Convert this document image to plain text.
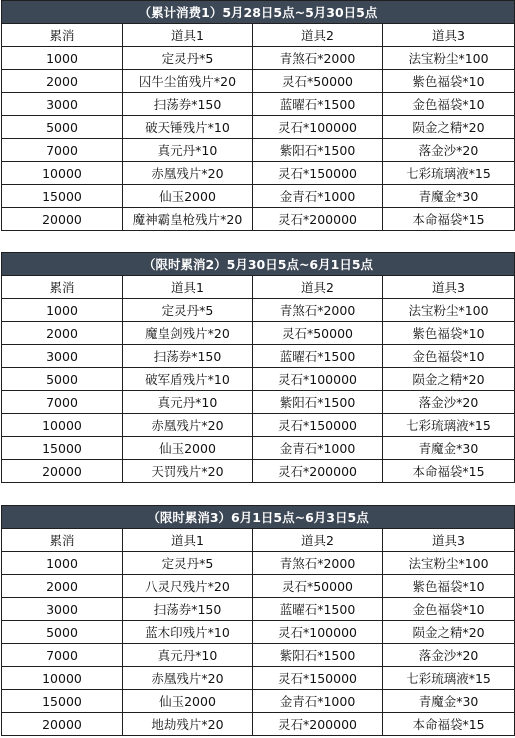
（累计消费1）5月28日5点~5月30日5点			
累消	道具1	道具2	道具3
1000	定灵丹*5	青煞石*2000	法宝粉尘*100
2000	囚牛尘笛残片*20	灵石*50000	紫色福袋*10
3000	扫荡券*150	蓝曜石*1500	金色福袋*10
5000	破天锤残片*10	灵石*100000	陨金之精*20
7000	真元丹*10	紫阳石*1500	落金沙*20
10000	赤凰残片*20	灵石*150000	七彩琉璃液*15
15000	仙玉2000	金青石*1000	青魔金*30
20000	魔神霸皇枪残片*20	灵石*200000	本命福袋*15
（限时累消2）5月30日5点~6月1日5点			
累消	道具1	道具2	道具3
1000	定灵丹*5	青煞石*2000	法宝粉尘*100
2000	魔皇剑残片*20	灵石*50000	紫色福袋*10
3000	扫荡券*150	蓝曜石*1500	金色福袋*10
5000	破军盾残片*10	灵石*100000	陨金之精*20
7000	真元丹*10	紫阳石*1500	落金沙*20
10000	赤凰残片*20	灵石*150000	七彩琉璃液*15
15000	仙玉2000	金青石*1000	青魔金*30
20000	天罚残片*20	灵石*200000	本命福袋*15
（限时累消3）6月1日5点~6月3日5点			
累消	道具1	道具2	道具3
1000	定灵丹*5	青煞石*2000	法宝粉尘*100
2000	八灵尺残片*20	灵石*50000	紫色福袋*10
3000	扫荡券*150	蓝曜石*1500	金色福袋*10
5000	蓝木印残片*10	灵石*100000	陨金之精*20
7000	真元丹*10	紫阳石*1500	落金沙*20
10000	赤凰残片*20	灵石*150000	七彩琉璃液*15
15000	仙玉2000	金青石*1000	青魔金*30
20000	地劫残片*20	灵石*200000	本命福袋*15
